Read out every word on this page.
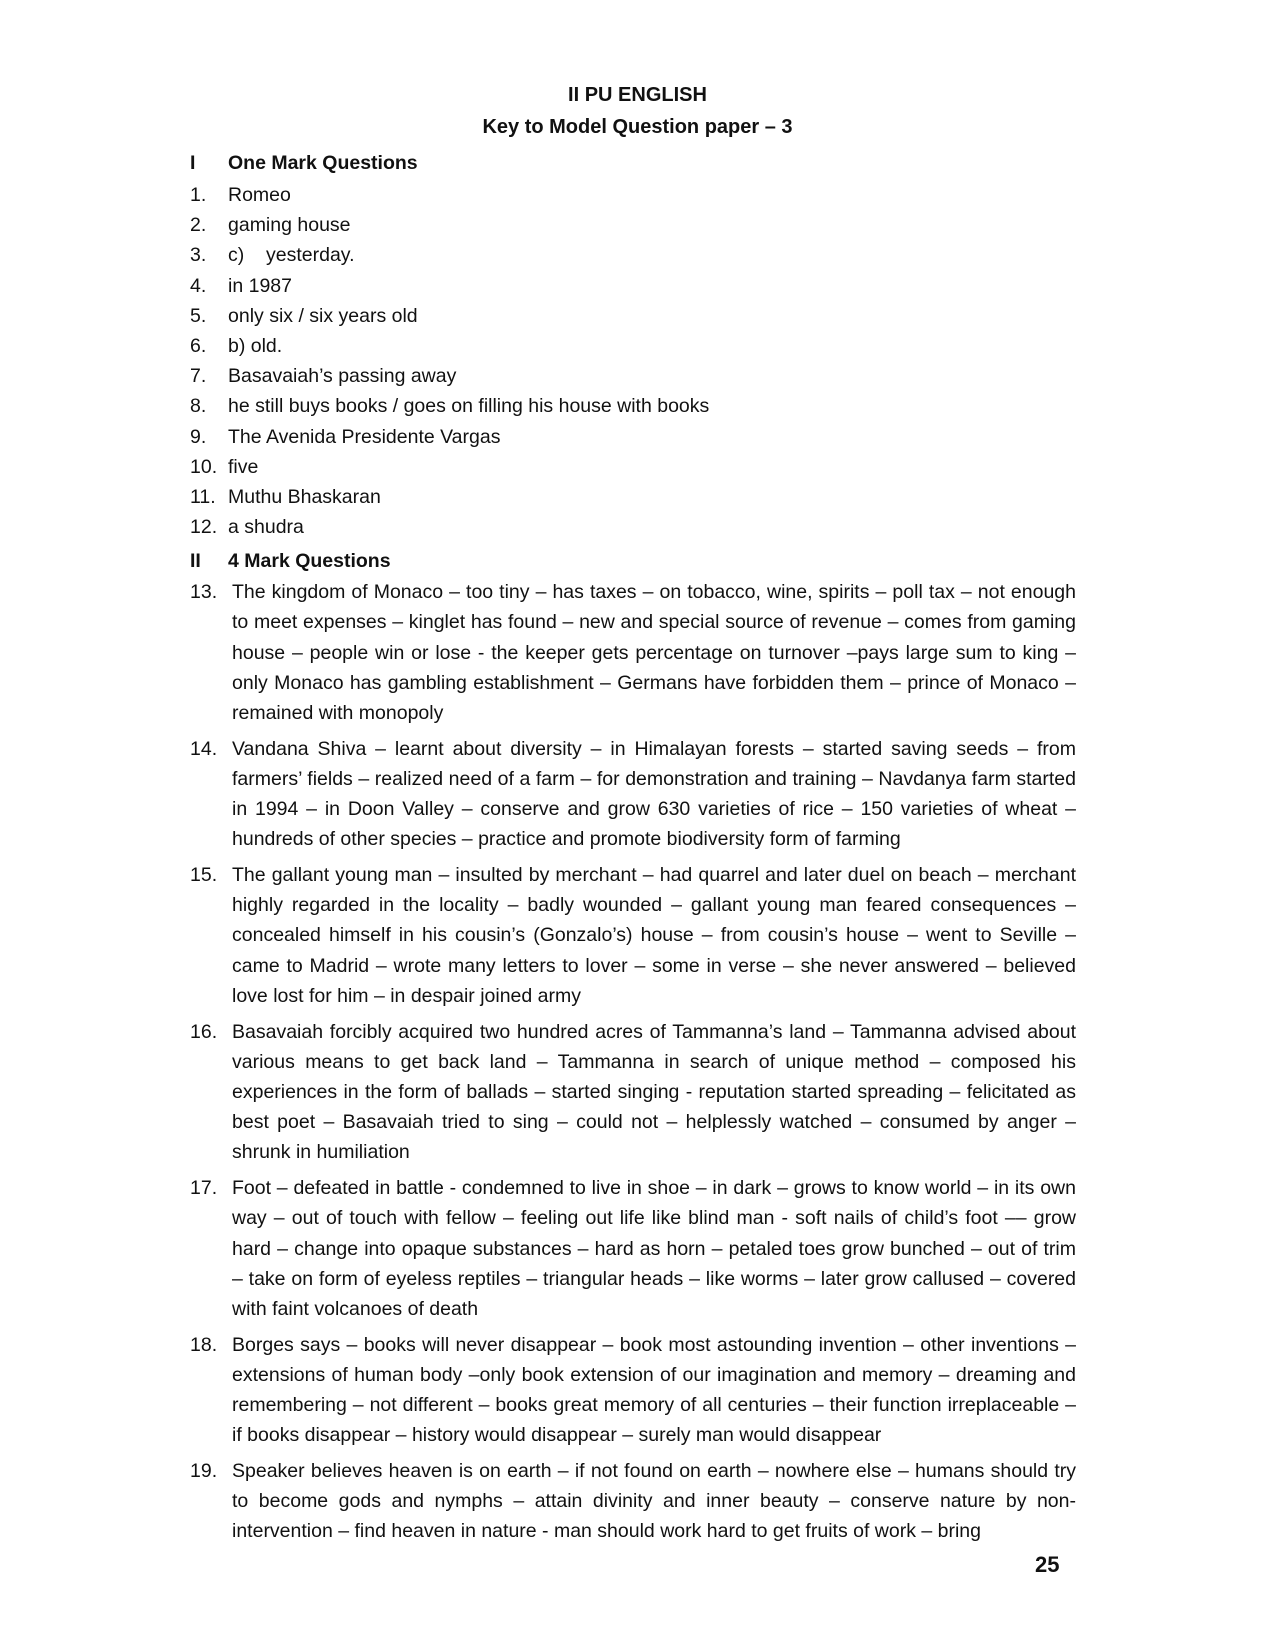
II PU ENGLISH
Key to Model Question paper – 3
I	One Mark Questions
1.	Romeo
2.	gaming house
3.	c) yesterday.
4.	in 1987
5.	only six / six years old
6.	b) old.
7.	Basavaiah’s passing away
8.	he still buys books / goes on filling his house with books
9.	The Avenida Presidente Vargas
10. five
11. Muthu Bhaskaran
12. a shudra
II	4 Mark Questions
13. The kingdom of Monaco – too tiny – has taxes – on tobacco, wine, spirits – poll tax – not enough to meet expenses – kinglet has found – new and special source of revenue – comes from gaming house – people win or lose - the keeper gets percentage on turnover –pays large sum to king – only Monaco has gambling establishment – Germans have forbidden them – prince of Monaco – remained with monopoly
14. Vandana Shiva – learnt about diversity – in Himalayan forests – started saving seeds – from farmers’ fields – realized need of a farm – for demonstration and training – Navdanya farm started in 1994 – in Doon Valley – conserve and grow 630 varieties of rice – 150 varieties of wheat – hundreds of other species – practice and promote biodiversity form of farming
15. The gallant young man – insulted by merchant – had quarrel and later duel on beach – merchant highly regarded in the locality – badly wounded – gallant young man feared consequences – concealed himself in his cousin’s (Gonzalo’s) house – from cousin’s house – went to Seville – came to Madrid – wrote many letters to lover – some in verse – she never answered – believed love lost for him – in despair joined army
16. Basavaiah forcibly acquired two hundred acres of Tammanna’s land – Tammanna advised about various means to get back land – Tammanna in search of unique method – composed his experiences in the form of ballads – started singing - reputation started spreading – felicitated as best poet – Basavaiah tried to sing – could not – helplessly watched – consumed by anger – shrunk in humiliation
17. Foot – defeated in battle - condemned to live in shoe – in dark – grows to know world – in its own way – out of touch with fellow – feeling out life like blind man - soft nails of child’s foot –– grow hard – change into opaque substances – hard as horn – petaled toes grow bunched – out of trim – take on form of eyeless reptiles – triangular heads – like worms – later grow callused – covered with faint volcanoes of death
18. Borges says – books will never disappear – book most astounding invention – other inventions – extensions of human body –only book extension of our imagination and memory – dreaming and remembering – not different – books great memory of all centuries – their function irreplaceable – if books disappear – history would disappear – surely man would disappear
19. Speaker believes heaven is on earth – if not found on earth – nowhere else – humans should try to become gods and nymphs – attain divinity and inner beauty – conserve nature by non-intervention – find heaven in nature - man should work hard to get fruits of work – bring
25
